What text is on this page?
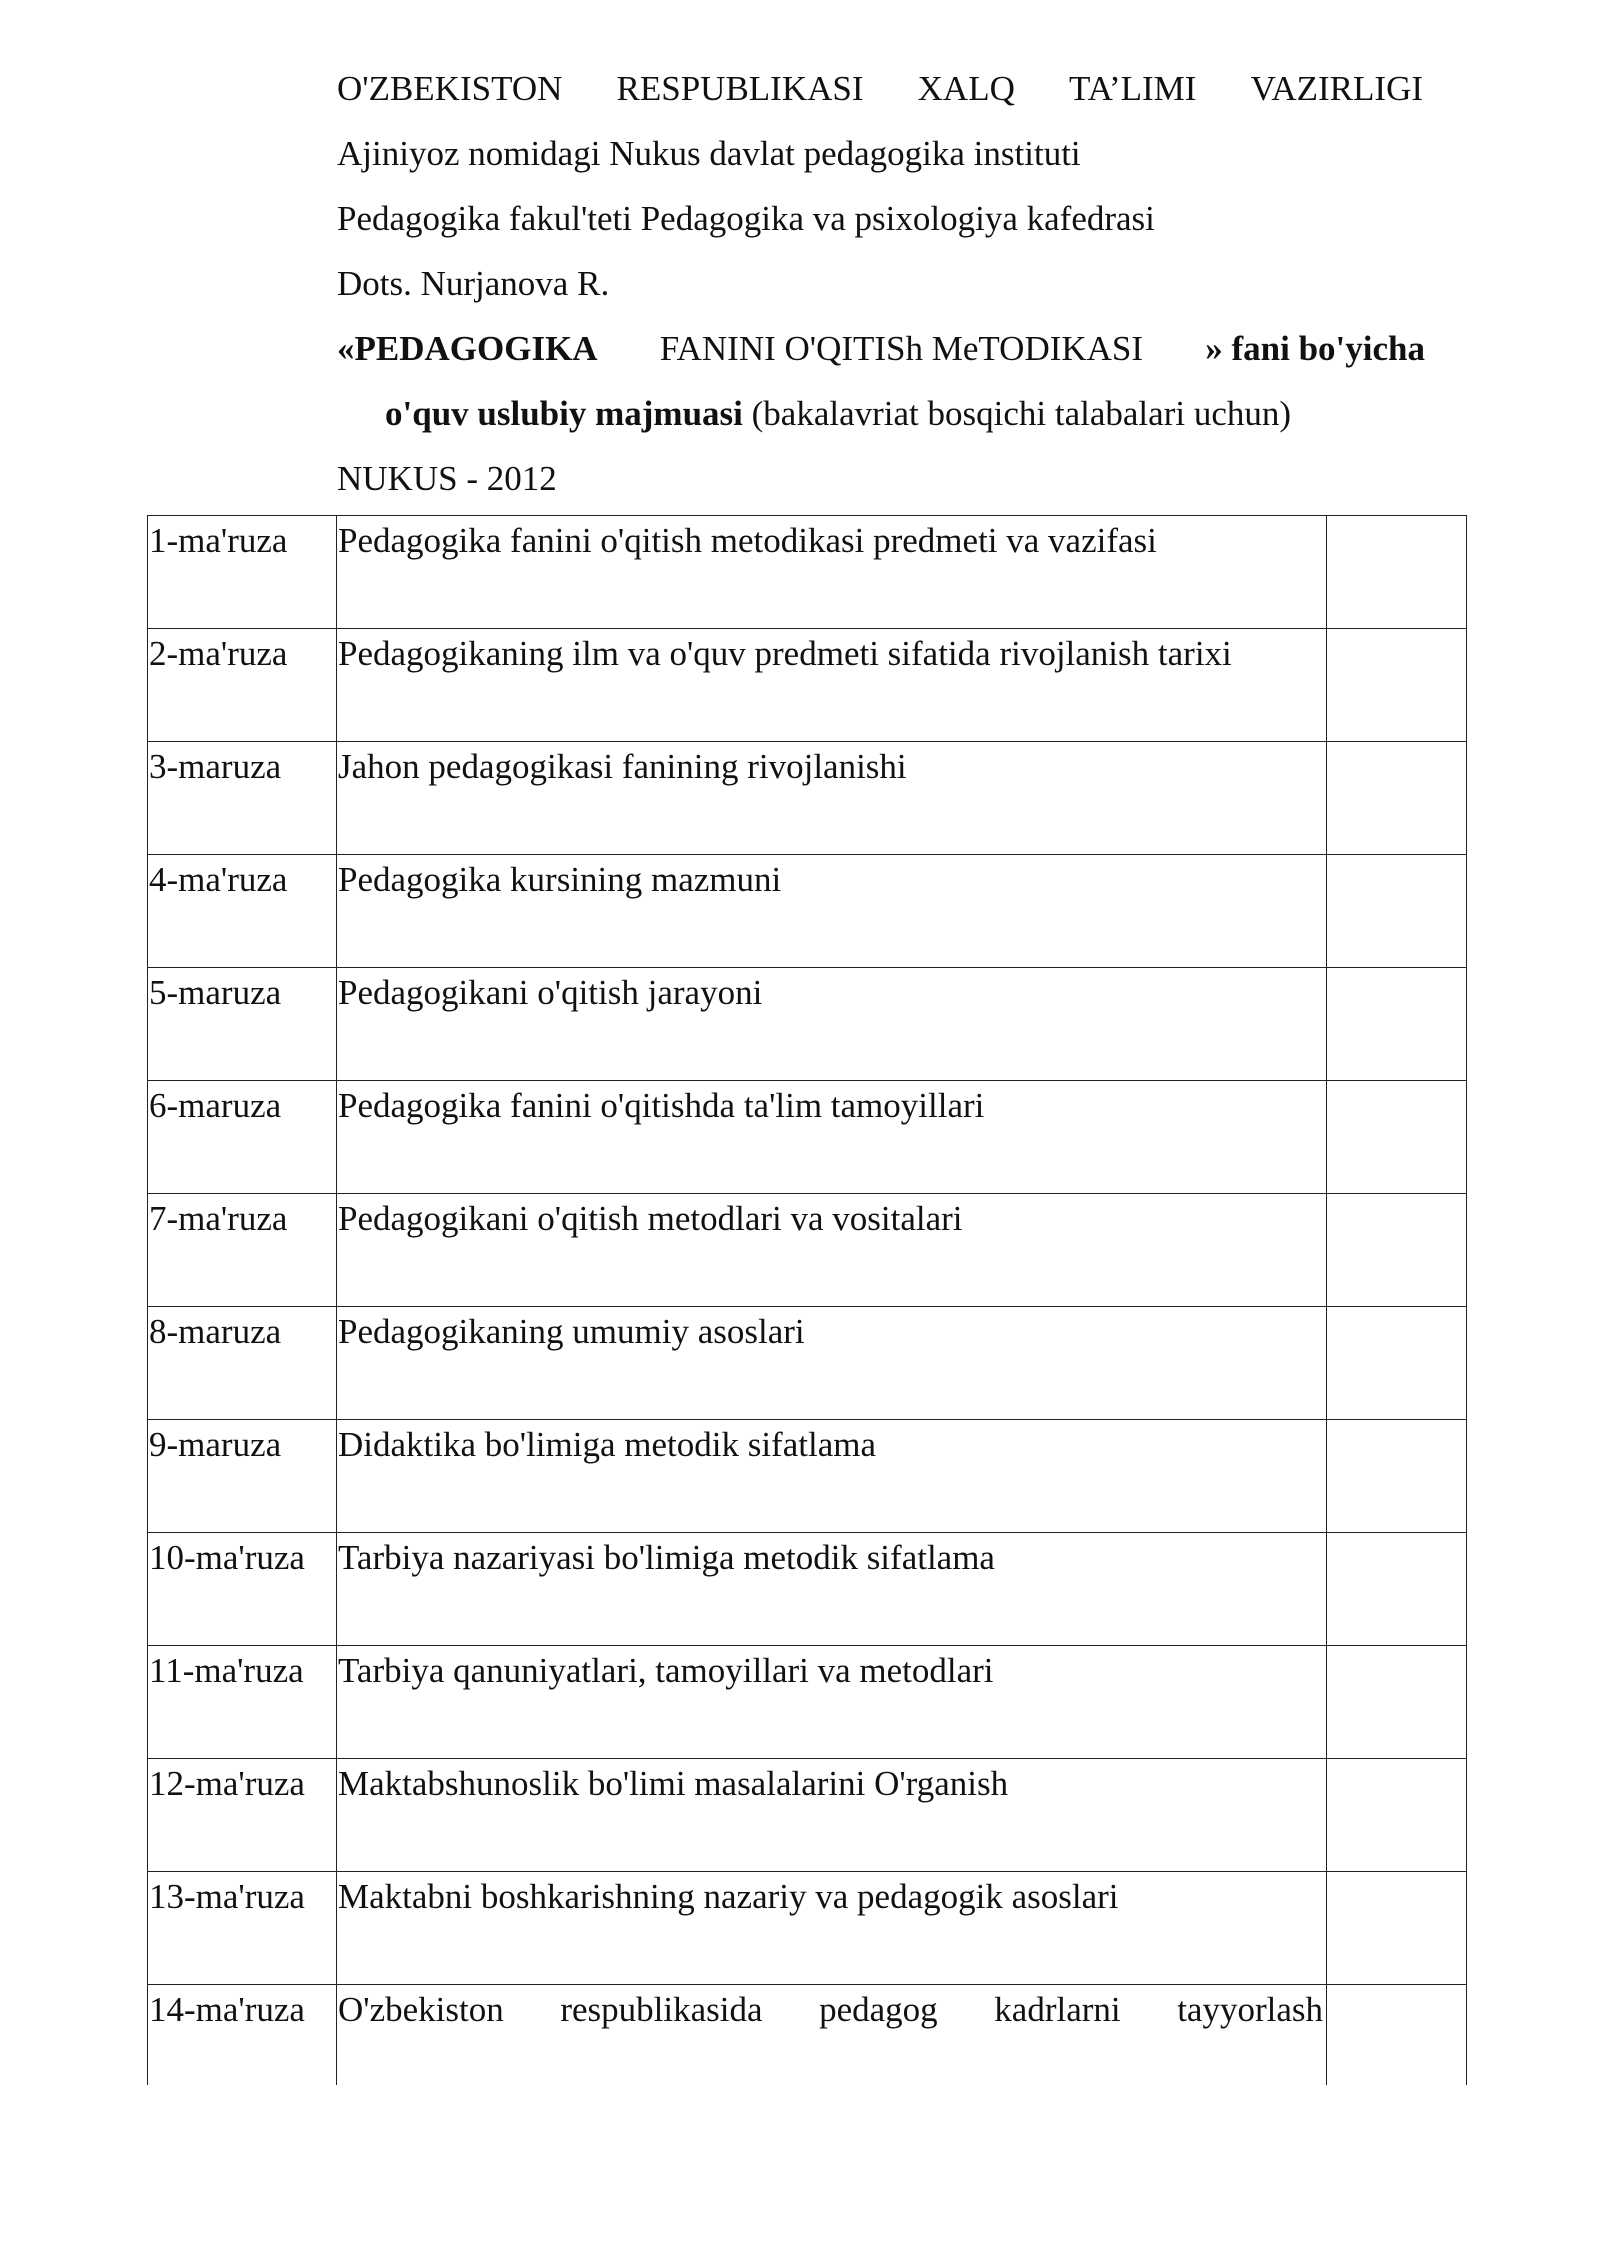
O'ZBEKISTON RESPUBLIKASI XALQ TA’LIMI VAZIRLIGI
Ajiniyoz nomidagi Nukus davlat pedagogika instituti
Pedagogika fakul'teti Pedagogika va psixologiya kafedrasi
Dots. Nurjanova R.
«PEDAGOGIKA FANINI O'QITISh MeTODIKASI » fani bo'yicha
o'quv uslubiy majmuasi (bakalavriat bosqichi talabalari uchun)
NUKUS - 2012
1-ma'ruza	Pedagogika fanini o'qitish metodikasi predmeti va vazifasi	
2-ma'ruza	Pedagogikaning ilm va o'quv predmeti sifatida rivojlanish tarixi	
3-maruza	Jahon pedagogikasi fanining rivojlanishi	
4-ma'ruza	Pedagogika kursining mazmuni	
5-maruza	Pedagogikani o'qitish jarayoni	
6-maruza	Pedagogika fanini o'qitishda ta'lim tamoyillari	
7-ma'ruza	Pedagogikani o'qitish metodlari va vositalari	
8-maruza	Pedagogikaning umumiy asoslari	
9-maruza	Didaktika bo'limiga metodik sifatlama	
10-ma'ruza	Tarbiya nazariyasi bo'limiga metodik sifatlama	
11-ma'ruza	Tarbiya qanuniyatlari, tamoyillari va metodlari	
12-ma'ruza	Maktabshunoslik bo'limi masalalarini O'rganish	
13-ma'ruza	Maktabni boshkarishning nazariy va pedagogik asoslari	
14-ma'ruza	O'zbekiston respublikasida pedagog kadrlarni tayyorlash	
